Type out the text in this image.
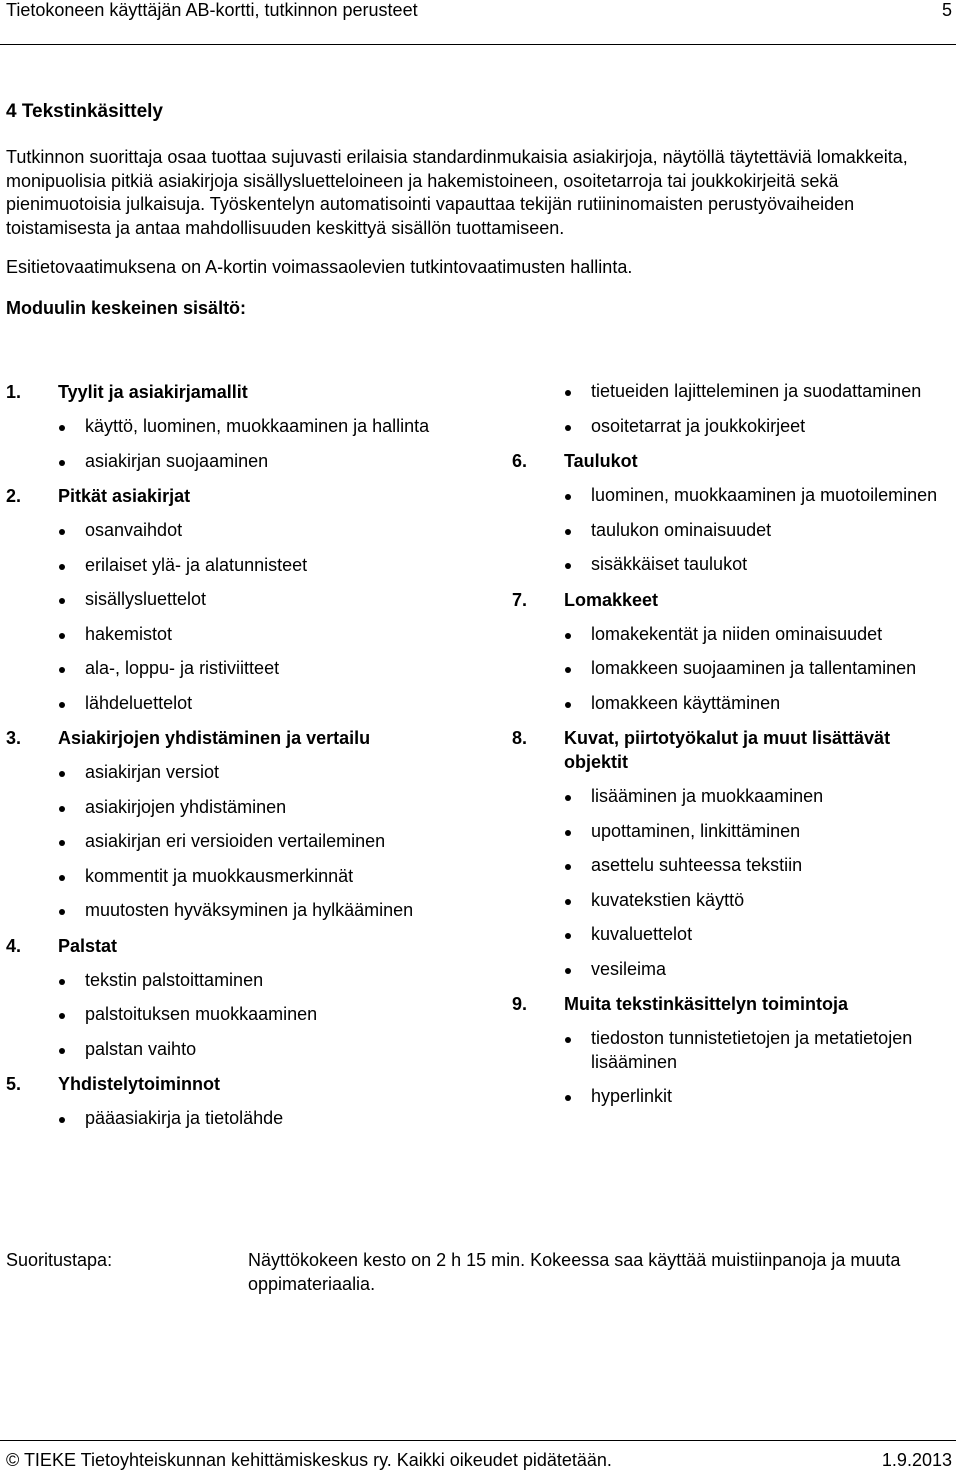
Tietokoneen käyttäjän AB-kortti, tutkinnon perusteet	5
4 Tekstinkäsittely

Tutkinnon suorittaja osaa tuottaa sujuvasti erilaisia standardinmukaisia asiakirjoja, näytöllä täytettäviä lomakkeita, monipuolisia pitkiä asiakirjoja sisällysluetteloineen ja hakemistoineen, osoitetarroja tai joukkokirjeitä sekä pienimuotoisia julkaisuja. Työskentelyn automatisointi vapauttaa tekijän rutiininomaisten perustyövaiheiden toistamisesta ja antaa mahdollisuuden keskittyä sisällön tuottamiseen.

Esitietovaatimuksena on A-kortin voimassaolevien tutkintovaatimusten hallinta.

Moduulin keskeinen sisältö:
1.	Tyylit ja asiakirjamallit
käyttö, luominen, muokkaaminen ja hallinta
asiakirjan suojaaminen
2.	Pitkät asiakirjat
osanvaihdot
erilaiset ylä- ja alatunnisteet
sisällysluettelot
hakemistot
ala-, loppu- ja ristiviitteet
lähdeluettelot
3.	Asiakirjojen yhdistäminen ja vertailu
asiakirjan versiot
asiakirjojen yhdistäminen
asiakirjan eri versioiden vertaileminen
kommentit ja muokkausmerkinnät
muutosten hyväksyminen ja hylkääminen
4.	Palstat
tekstin palstoittaminen
palstoituksen muokkaaminen
palstan vaihto
5.	Yhdistelytoiminnot
pääasiakirja ja tietolähde
tietueiden lajitteleminen ja suodattaminen
osoitetarrat ja joukkokirjeet
6.	Taulukot
luominen, muokkaaminen ja muotoileminen
taulukon ominaisuudet
sisäkkäiset taulukot
7.	Lomakkeet
lomakekentät ja niiden ominaisuudet
lomakkeen suojaaminen ja tallentaminen
lomakkeen käyttäminen
8.	Kuvat, piirtotyökalut ja muut lisättävät objektit
lisääminen ja muokkaaminen
upottaminen, linkittäminen
asettelu suhteessa tekstiin
kuvatekstien käyttö
kuvaluettelot
vesileima
9.	Muita tekstinkäsittelyn toimintoja
tiedoston tunnistetietojen ja metatietojen lisääminen
hyperlinkit
Suoritustapa:	Näyttökokeen kesto on 2 h 15 min. Kokeessa saa käyttää muistiinpanoja ja muuta oppimateriaalia.
© TIEKE Tietoyhteiskunnan kehittämiskeskus ry. Kaikki oikeudet pidätetään.	1.9.2013
